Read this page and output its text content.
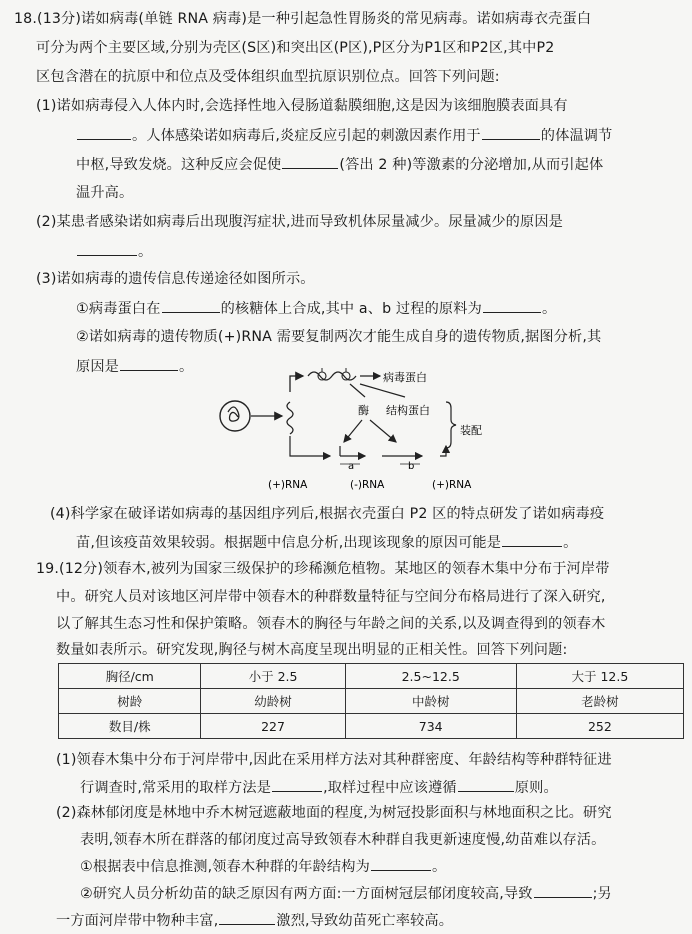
18.(13分)诺如病毒(单链 RNA 病毒)是一种引起急性胃肠炎的常见病毒。诺如病毒衣壳蛋白
可分为两个主要区域,分别为壳区(S区)和突出区(P区),P区分为P1区和P2区,其中P2
区包含潜在的抗原中和位点及受体组织血型抗原识别位点。回答下列问题:
(1)诺如病毒侵入人体内时,会选择性地入侵肠道黏膜细胞,这是因为该细胞膜表面具有
。人体感染诺如病毒后,炎症反应引起的刺激因素作用于	的体温调节
中枢,导致发烧。这种反应会促使	(答出 2 种)等激素的分泌增加,从而引起体
温升高。
(2)某患者感染诺如病毒后出现腹泻症状,进而导致机体尿量减少。尿量减少的原因是
。
(3)诺如病毒的遗传信息传递途径如图所示。
①病毒蛋白在	的核糖体上合成,其中 a、b 过程的原料为	。
②诺如病毒的遗传物质(+)RNA 需要复制两次才能生成自身的遗传物质,据图分析,其
原因是	。
病毒蛋白
酶 结构蛋白
装配
a	b
(+)RNA	(-)RNA	(+)RNA
(4)科学家在破译诺如病毒的基因组序列后,根据衣壳蛋白 P2 区的特点研发了诺如病毒疫
苗,但该疫苗效果较弱。根据题中信息分析,出现该现象的原因可能是	。
19.(12分)领春木,被列为国家三级保护的珍稀濒危植物。某地区的领春木集中分布于河岸带
中。研究人员对该地区河岸带中领春木的种群数量特征与空间分布格局进行了深入研究,
以了解其生态习性和保护策略。领春木的胸径与年龄之间的关系,以及调查得到的领春木
数量如表所示。研究发现,胸径与树木高度呈现出明显的正相关性。回答下列问题:
胸径/cm	小于 2.5	2.5~12.5	大于 12.5
树龄	幼龄树	中龄树	老龄树
数目/株	227	734	252
(1)领春木集中分布于河岸带中,因此在采用样方法对其种群密度、年龄结构等种群特征进
行调查时,常采用的取样方法是	,取样过程中应该遵循	原则。
(2)森林郁闭度是林地中乔木树冠遮蔽地面的程度,为树冠投影面积与林地面积之比。研究
表明,领春木所在群落的郁闭度过高导致领春木种群自我更新速度慢,幼苗难以存活。
①根据表中信息推测,领春木种群的年龄结构为	。
②研究人员分析幼苗的缺乏原因有两方面:一方面树冠层郁闭度较高,导致	;另
一方面河岸带中物种丰富,	激烈,导致幼苗死亡率较高。
